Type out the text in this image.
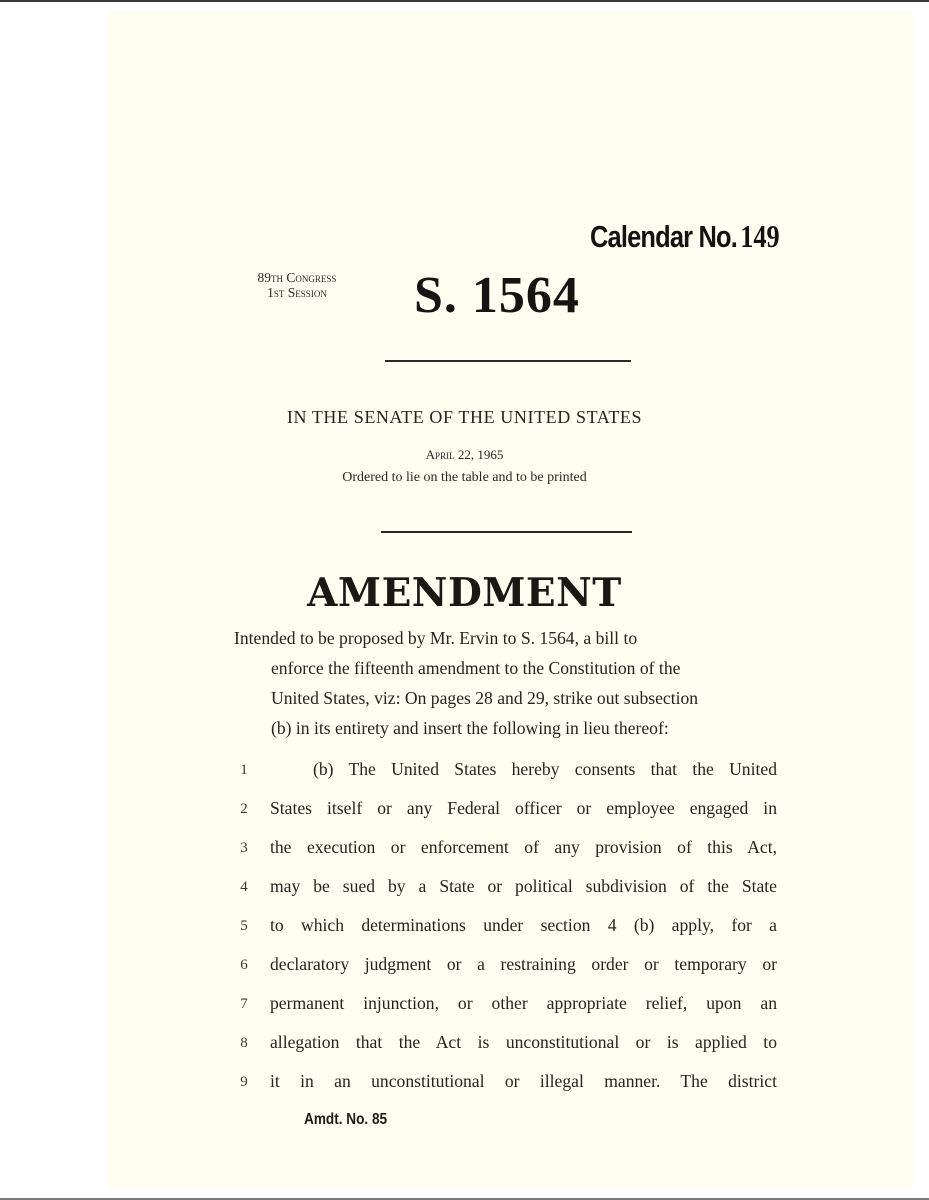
Calendar No. 149
89th Congress
1st Session	S. 1564
IN THE SENATE OF THE UNITED STATES
April 22, 1965
Ordered to lie on the table and to be printed
AMENDMENT
Intended to be proposed by Mr. Ervin to S. 1564, a bill to
enforce the fifteenth amendment to the Constitution of the
United States, viz: On pages 28 and 29, strike out subsection
(b) in its entirety and insert the following in lieu thereof:
1	(b) The United States hereby consents that the United
2	States itself or any Federal officer or employee engaged in
3	the execution or enforcement of any provision of this Act,
4	may be sued by a State or political subdivision of the State
5	to which determinations under section 4 (b) apply, for a
6	declaratory judgment or a restraining order or temporary or
7	permanent injunction, or other appropriate relief, upon an
8	allegation that the Act is unconstitutional or is applied to
9	it in an unconstitutional or illegal manner. The district
Amdt. No. 85
